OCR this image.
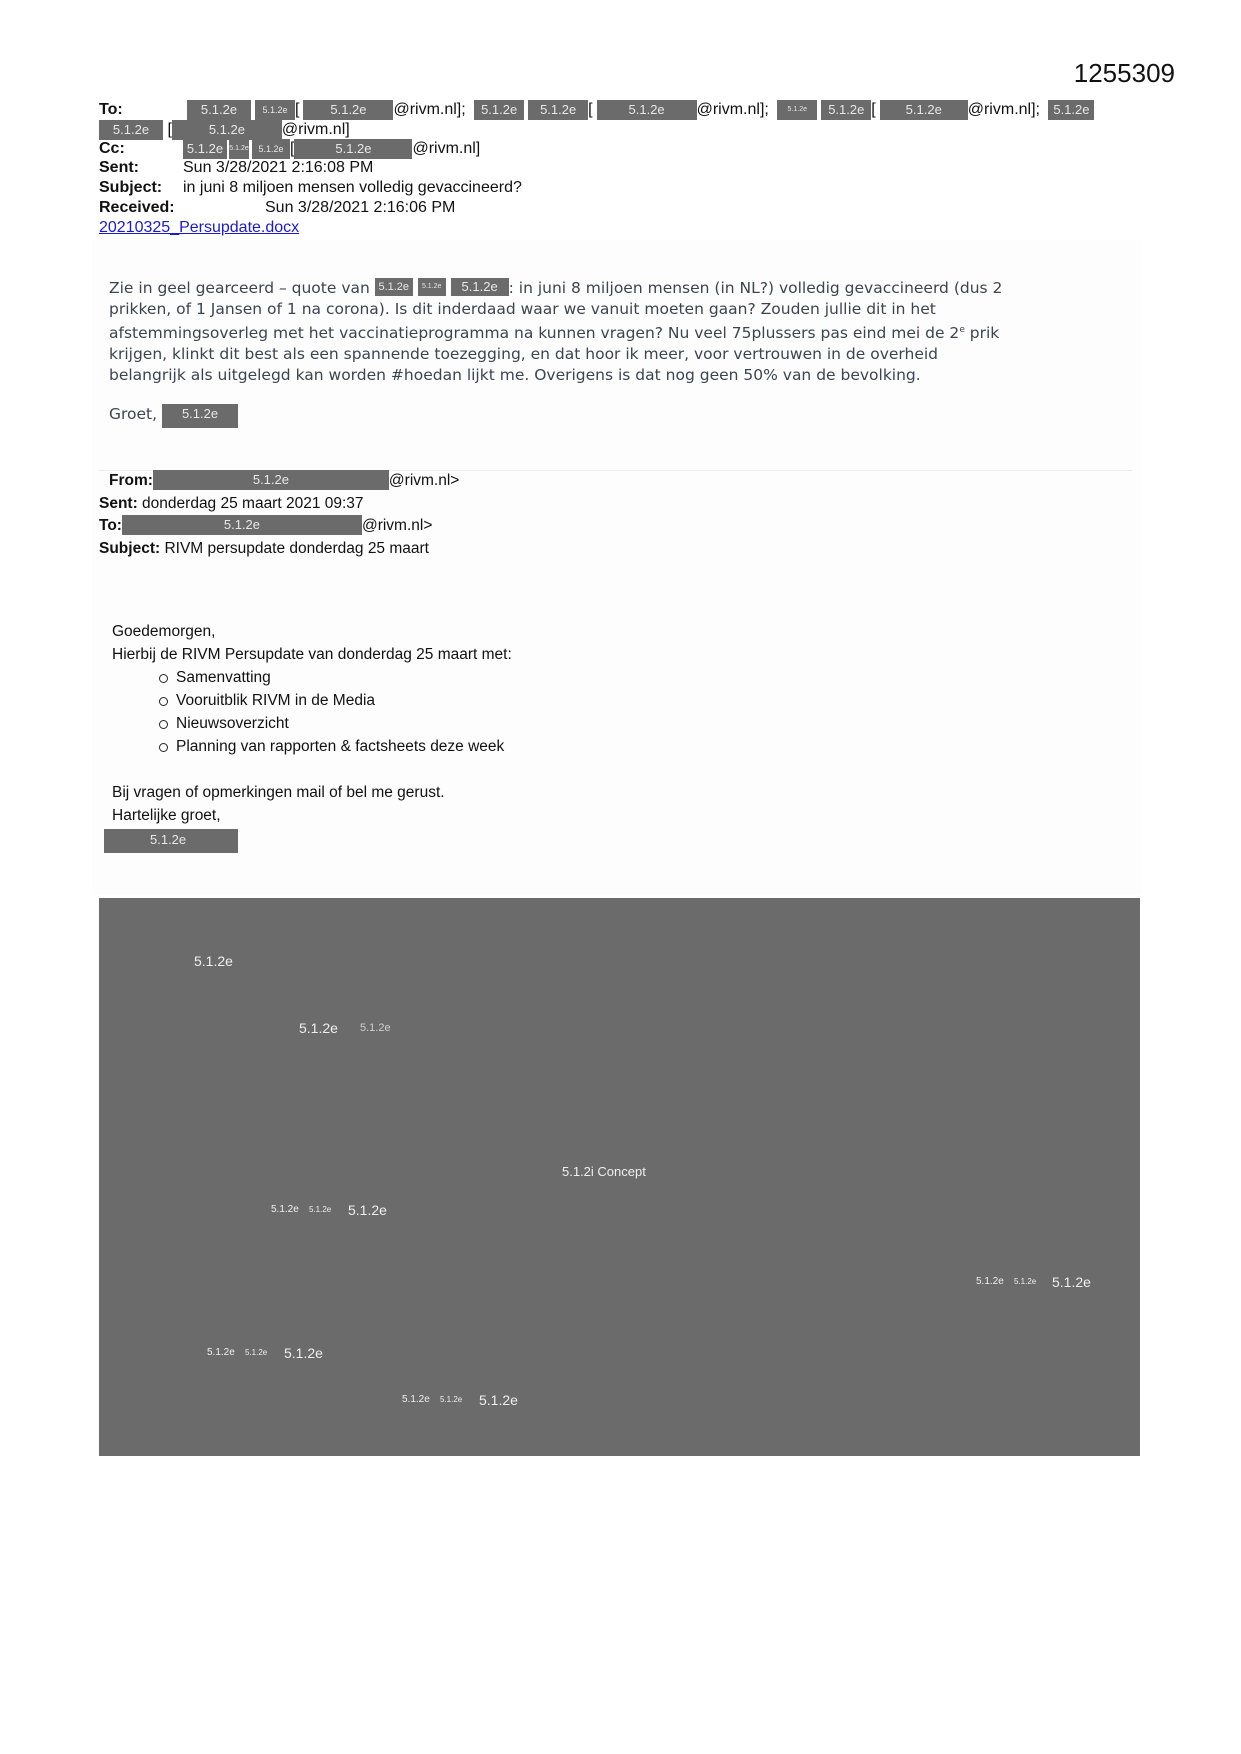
1255309
To:	5.1.2e	5.1.2e [ 5.1.2e @rivm.nl]; 5.1.2e 5.1.2e [	5.1.2e @rivm.nl]; 5.1.2e 5.1.2e [ 5.1.2e @rivm.nl]; 5.1.2e
5.1.2e [	5.1.2e @rivm.nl]
Cc:	5.1.2e 5.1.2e 5.1.2e [	5.1.2e	@rivm.nl]
Sent:	Sun 3/28/2021 2:16:08 PM
Subject: in juni 8 miljoen mensen volledig gevaccineerd?
Received:	Sun 3/28/2021 2:16:06 PM
20210325_Persupdate.docx
Zie in geel gearceerd – quote van 5.1.2e 5.1.2e 5.1.2e : in juni 8 miljoen mensen (in NL?) volledig gevaccineerd (dus 2
prikken, of 1 Jansen of 1 na corona). Is dit inderdaad waar we vanuit moeten gaan? Zouden jullie dit in het
afstemmingsoverleg met het vaccinatieprogramma na kunnen vragen? Nu veel 75plussers pas eind mei de 2e prik
krijgen, klinkt dit best als een spannende toezegging, en dat hoor ik meer, voor vertrouwen in de overheid
belangrijk als uitgelegd kan worden #hoedan lijkt me. Overigens is dat nog geen 50% van de bevolking.
Groet, 5.1.2e
From:	5.1.2e	@rivm.nl>
Sent: donderdag 25 maart 2021 09:37
To:	5.1.2e	@rivm.nl>
Subject: RIVM persupdate donderdag 25 maart
Goedemorgen,
Hierbij de RIVM Persupdate van donderdag 25 maart met:
Samenvatting
Vooruitblik RIVM in de Media
Nieuwsoverzicht
Planning van rapporten & factsheets deze week
Bij vragen of opmerkingen mail of bel me gerust.
Hartelijke groet,
5.1.2e
5.1.2e
5.1.2e 5.1.2e
5.1.2i Concept
5.1.2e 5.1.2e 5.1.2e
5.1.2e 5.1.2e 5.1.2e
5.1.2e 5.1.2e 5.1.2e
5.1.2e 5.1.2e 5.1.2e
